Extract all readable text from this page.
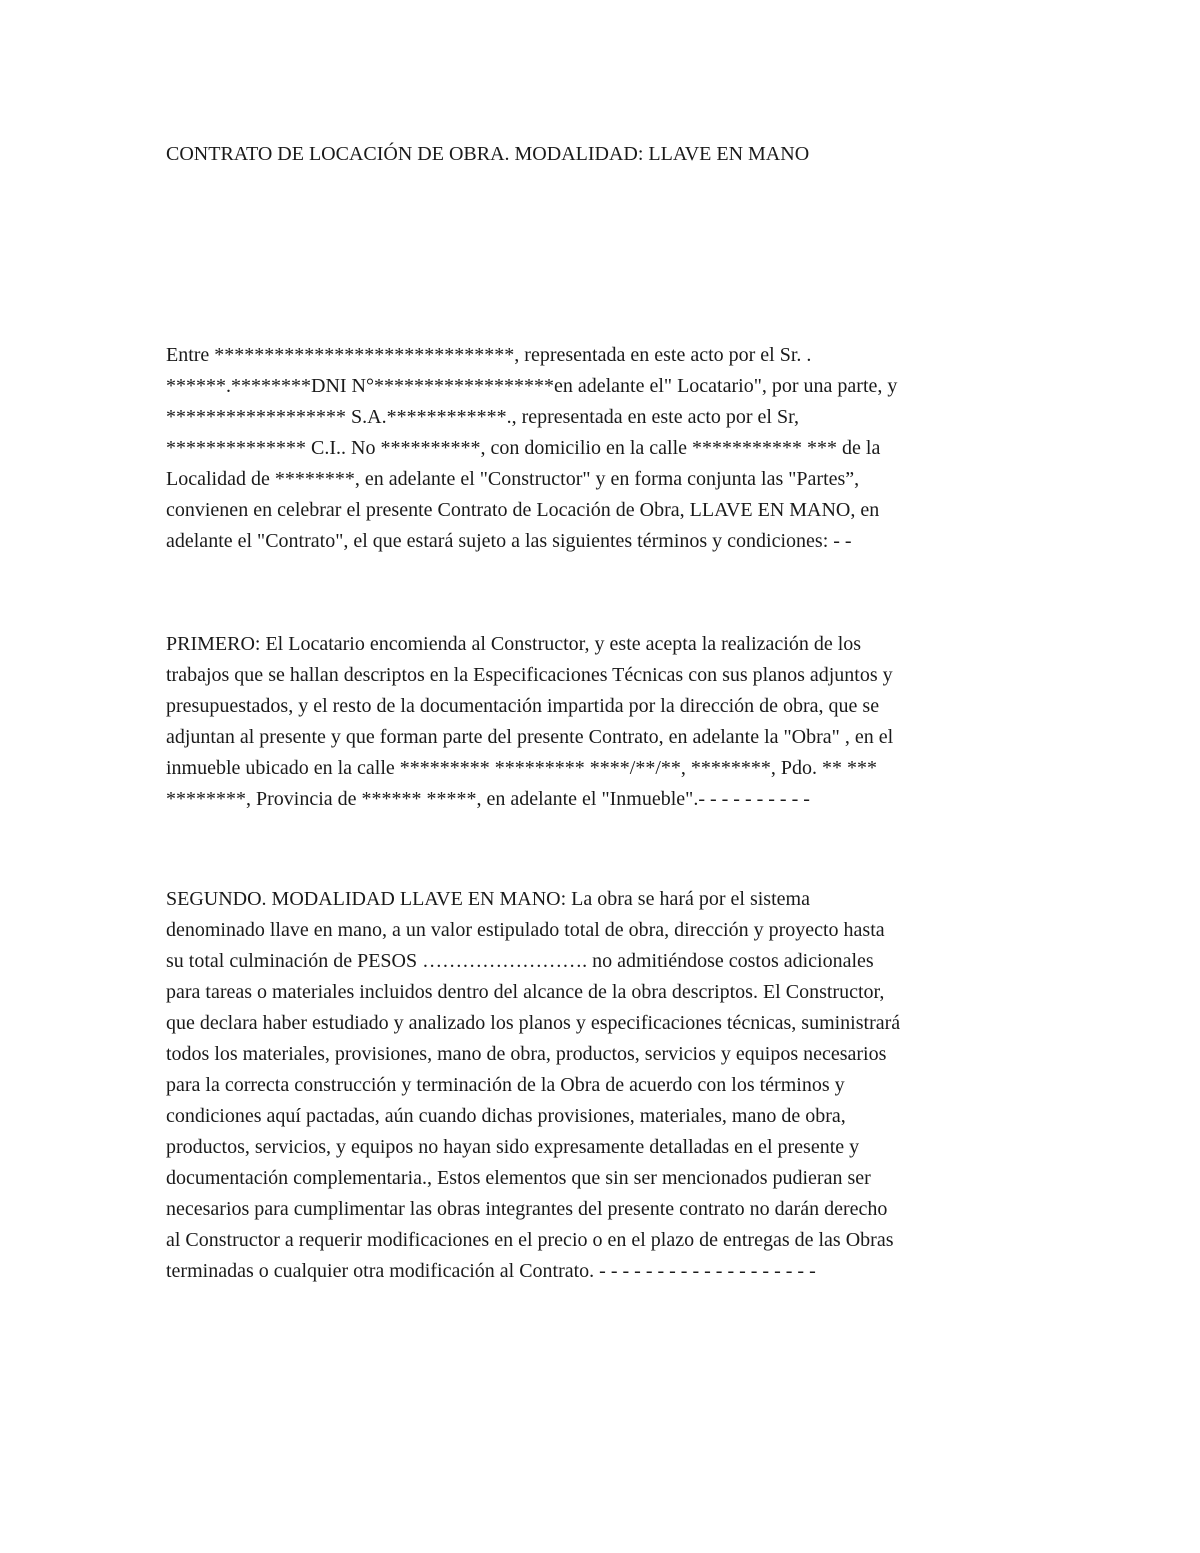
CONTRATO DE LOCACIÓN DE OBRA. MODALIDAD: LLAVE EN MANO
Entre ******************************, representada en este acto por el Sr. .
******.********DNI N°******************en adelante el" Locatario", por una parte, y
****************** S.A.************., representada en este acto por el Sr,
************** C.I.. No **********, con domicilio en la calle *********** *** de la
Localidad de ********, en adelante el "Constructor" y en forma conjunta las "Partes”,
convienen en celebrar el presente Contrato de Locación de Obra, LLAVE EN MANO, en
adelante el "Contrato", el que estará sujeto a las siguientes términos y condiciones: - -
PRIMERO: El Locatario encomienda al Constructor, y este acepta la realización de los
trabajos que se hallan descriptos en la Especificaciones Técnicas con sus planos adjuntos y
presupuestados, y el resto de la documentación impartida por la dirección de obra, que se
adjuntan al presente y que forman parte del presente Contrato, en adelante la "Obra" , en el
inmueble ubicado en la calle ********* ********* ****/**/**, ********, Pdo. ** ***
********, Provincia de ****** *****, en adelante el "Inmueble".- - - - - - - - - -
SEGUNDO. MODALIDAD LLAVE EN MANO: La obra se hará por el sistema
denominado llave en mano, a un valor estipulado total de obra, dirección y proyecto hasta
su total culminación de PESOS ……………………. no admitiéndose costos adicionales
para tareas o materiales incluidos dentro del alcance de la obra descriptos. El Constructor,
que declara haber estudiado y analizado los planos y especificaciones técnicas, suministrará
todos los materiales, provisiones, mano de obra, productos, servicios y equipos necesarios
para la correcta construcción y terminación de la Obra de acuerdo con los términos y
condiciones aquí pactadas, aún cuando dichas provisiones, materiales, mano de obra,
productos, servicios, y equipos no hayan sido expresamente detalladas en el presente y
documentación complementaria., Estos elementos que sin ser mencionados pudieran ser
necesarios para cumplimentar las obras integrantes del presente contrato no darán derecho
al Constructor a requerir modificaciones en el precio o en el plazo de entregas de las Obras
terminadas o cualquier otra modificación al Contrato. - - - - - - - - - - - - - - - - - - -
